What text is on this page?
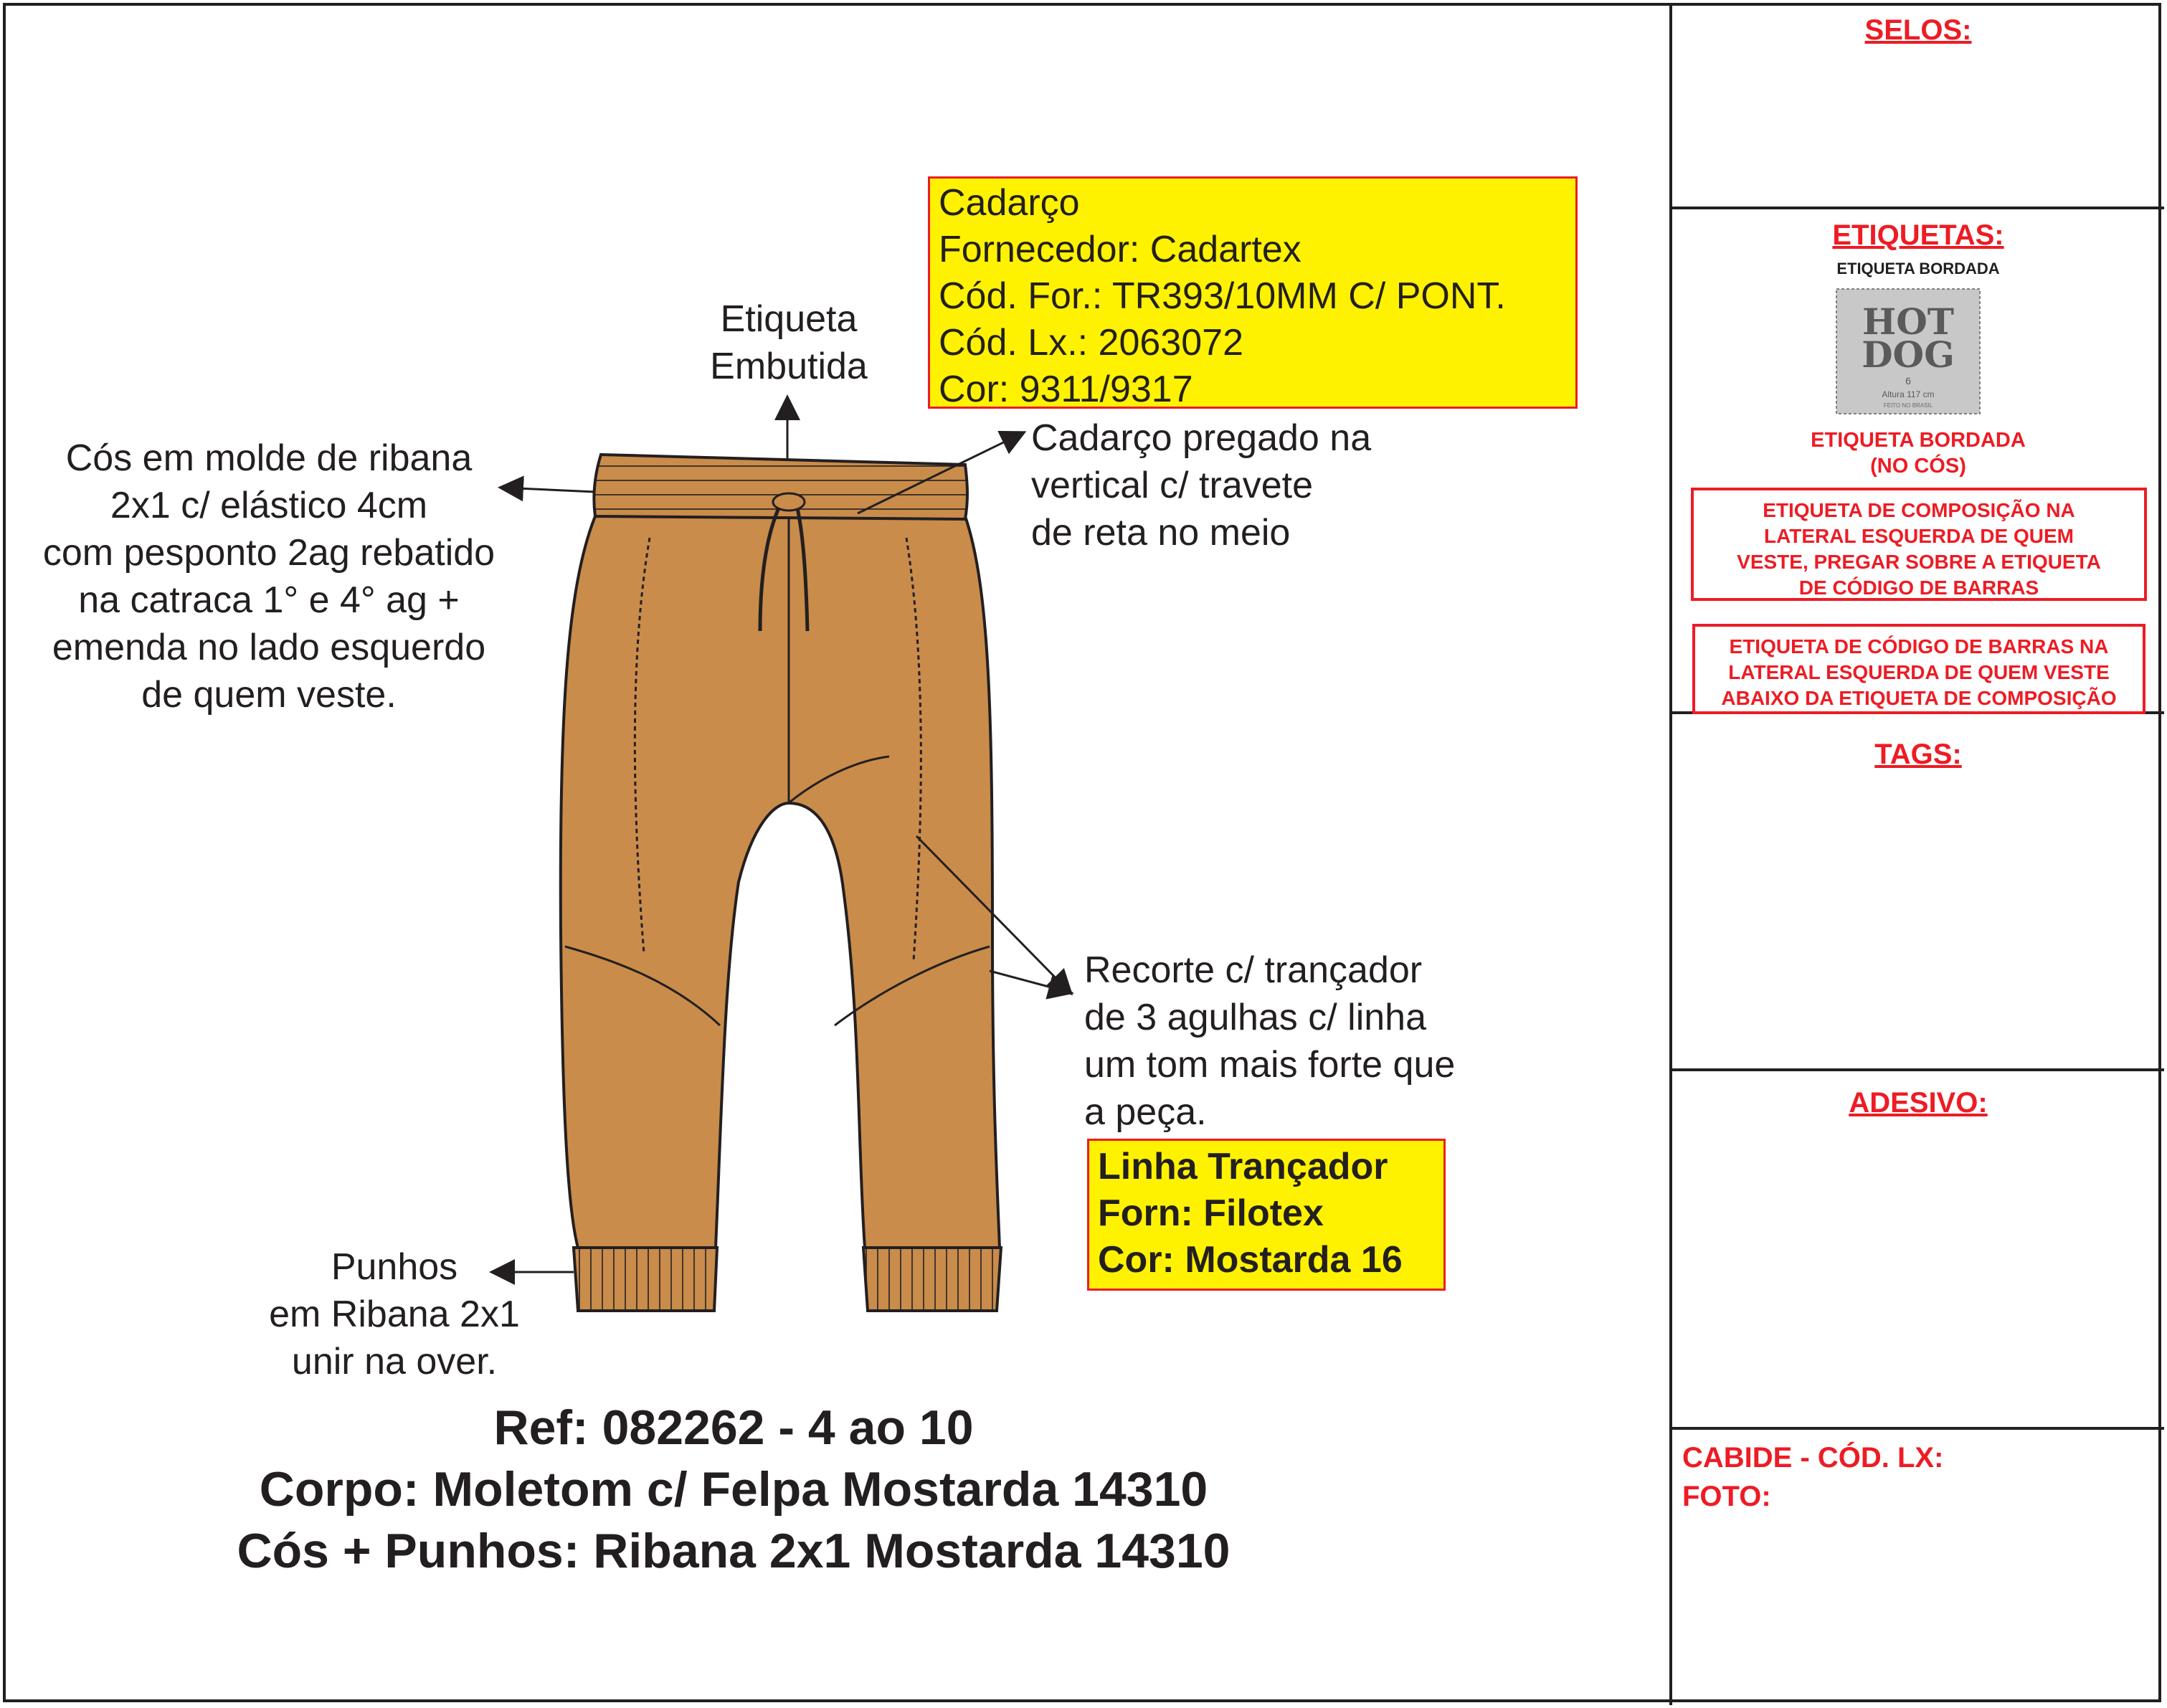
SELOS:
ETIQUETAS:
ETIQUETA BORDADA
HOT
DOG
6
Altura 117 cm
FEITO NO BRASIL
ETIQUETA BORDADA
(NO CÓS)
ETIQUETA DE COMPOSIÇÃO NA
LATERAL ESQUERDA DE QUEM
VESTE, PREGAR SOBRE A ETIQUETA
DE CÓDIGO DE BARRAS
ETIQUETA DE CÓDIGO DE BARRAS NA
LATERAL ESQUERDA DE QUEM VESTE
ABAIXO DA ETIQUETA DE COMPOSIÇÃO
TAGS:
ADESIVO:
CABIDE - CÓD. LX:
FOTO:
Etiqueta
Embutida
Cós em molde de ribana
2x1 c/ elástico 4cm
com pesponto 2ag rebatido
na catraca 1° e 4° ag +
emenda no lado esquerdo
de quem veste.
Cadarço
Fornecedor: Cadartex
Cód. For.: TR393/10MM C/ PONT.
Cód. Lx.: 2063072
Cor: 9311/9317
Cadarço pregado na
vertical c/ travete
de reta no meio
Recorte c/ trançador
de 3 agulhas c/ linha
um tom mais forte que
a peça.
Linha Trançador
Forn: Filotex
Cor: Mostarda 16
Punhos
em Ribana 2x1
unir na over.
Ref: 082262 - 4 ao 10
Corpo: Moletom c/ Felpa Mostarda 14310
Cós + Punhos: Ribana 2x1 Mostarda 14310
